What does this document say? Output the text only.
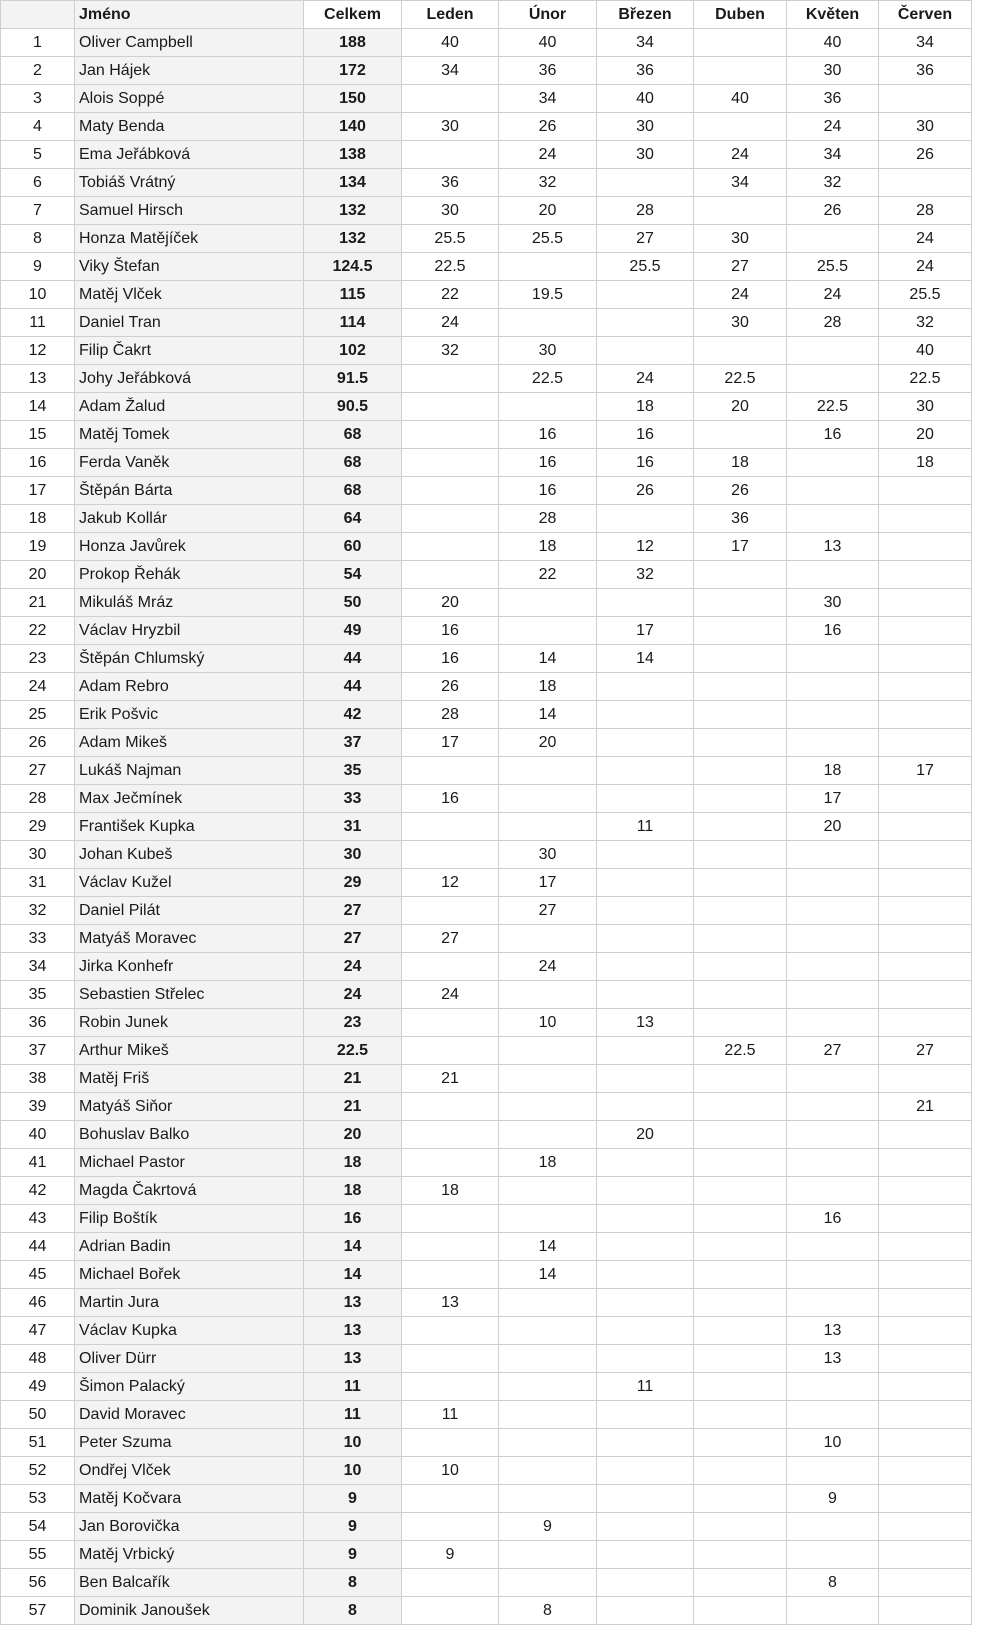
	Jméno	Celkem	Leden	Únor	Březen	Duben	Květen	Červen
1	Oliver Campbell	188	40	40	34		40	34
2	Jan Hájek	172	34	36	36		30	36
3	Alois Soppé	150		34	40	40	36	
4	Maty Benda	140	30	26	30		24	30
5	Ema Jeřábková	138		24	30	24	34	26
6	Tobiáš Vrátný	134	36	32		34	32	
7	Samuel Hirsch	132	30	20	28		26	28
8	Honza Matějíček	132	25.5	25.5	27	30		24
9	Viky Štefan	124.5	22.5		25.5	27	25.5	24
10	Matěj Vlček	115	22	19.5		24	24	25.5
11	Daniel Tran	114	24			30	28	32
12	Filip Čakrt	102	32	30				40
13	Johy Jeřábková	91.5		22.5	24	22.5		22.5
14	Adam Žalud	90.5			18	20	22.5	30
15	Matěj Tomek	68		16	16		16	20
16	Ferda Vaněk	68		16	16	18		18
17	Štěpán Bárta	68		16	26	26		
18	Jakub Kollár	64		28		36		
19	Honza Javůrek	60		18	12	17	13	
20	Prokop Řehák	54		22	32			
21	Mikuláš Mráz	50	20				30	
22	Václav Hryzbil	49	16		17		16	
23	Štěpán Chlumský	44	16	14	14			
24	Adam Rebro	44	26	18				
25	Erik Pošvic	42	28	14				
26	Adam Mikeš	37	17	20				
27	Lukáš Najman	35					18	17
28	Max Ječmínek	33	16				17	
29	František Kupka	31			11		20	
30	Johan Kubeš	30		30				
31	Václav Kužel	29	12	17				
32	Daniel Pilát	27		27				
33	Matyáš Moravec	27	27					
34	Jirka Konhefr	24		24				
35	Sebastien Střelec	24	24					
36	Robin Junek	23		10	13			
37	Arthur Mikeš	22.5				22.5	27	27
38	Matěj Friš	21	21					
39	Matyáš Siňor	21						21
40	Bohuslav Balko	20			20			
41	Michael Pastor	18		18				
42	Magda Čakrtová	18	18					
43	Filip Boštík	16					16	
44	Adrian Badin	14		14				
45	Michael Bořek	14		14				
46	Martin Jura	13	13					
47	Václav Kupka	13					13	
48	Oliver Dürr	13					13	
49	Šimon Palacký	11			11			
50	David Moravec	11	11					
51	Peter Szuma	10					10	
52	Ondřej Vlček	10	10					
53	Matěj Kočvara	9					9	
54	Jan Borovička	9		9				
55	Matěj Vrbický	9	9					
56	Ben Balcařík	8					8	
57	Dominik Janoušek	8		8				
